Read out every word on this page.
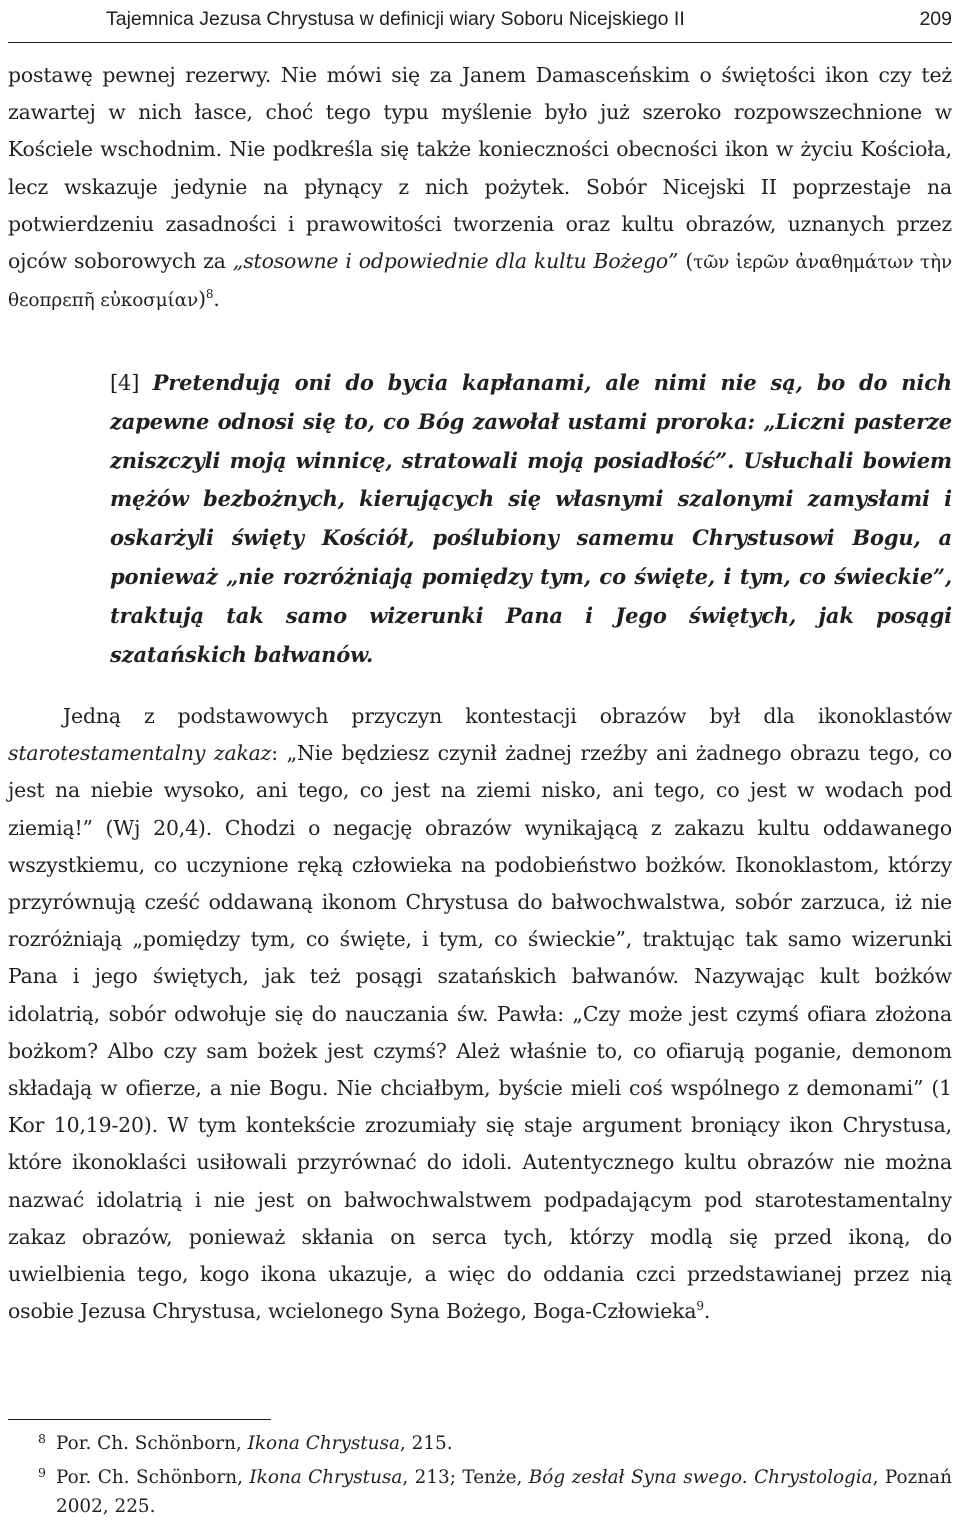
Tajemnica Jezusa Chrystusa w definicji wiary Soboru Nicejskiego II	209

postawę pewnej rezerwy. Nie mówi się za Janem Damasceńskim o świętości ikon czy też zawartej w nich łasce, choć tego typu myślenie było już szeroko rozpowszechnione w Kościele wschodnim. Nie podkreśla się także konieczności obecności ikon w życiu Kościoła, lecz wskazuje jedynie na płynący z nich pożytek. Sobór Nicejski II poprzestaje na potwierdzeniu zasadności i prawowitości tworzenia oraz kultu obrazów, uznanych przez ojców soborowych za „stosowne i odpowiednie dla kultu Bożego” (τῶν ἱερῶν ἀναθημάτων τὴν θεοπρεπῆ εὐκοσμίαν)$^8$.

[4] Pretendują oni do bycia kapłanami, ale nimi nie są, bo do nich zapewne odnosi się to, co Bóg zawołał ustami proroka: „Liczni pasterze zniszczyli moją winnicę, stratowali moją posiadłość”. Usłuchali bowiem mężów bezbożnych, kierujących się własnymi szalonymi zamysłami i oskarżyli święty Kościół, poślubiony samemu Chrystusowi Bogu, a ponieważ „nie rozróżniają pomiędzy tym, co święte, i tym, co świeckie”, traktują tak samo wizerunki Pana i Jego świętych, jak posągi szatańskich bałwanów.

Jedną z podstawowych przyczyn kontestacji obrazów był dla ikonoklastów starotestamentalny zakaz: „Nie będziesz czynił żadnej rzeźby ani żadnego obrazu tego, co jest na niebie wysoko, ani tego, co jest na ziemi nisko, ani tego, co jest w wodach pod ziemią!” (Wj 20,4). Chodzi o negację obrazów wynikającą z zakazu kultu oddawanego wszystkiemu, co uczynione ręką człowieka na podobieństwo bożków. Ikonoklastom, którzy przyrównują cześć oddawaną ikonom Chrystusa do bałwochwalstwa, sobór zarzuca, iż nie rozróżniają „pomiędzy tym, co święte, i tym, co świeckie”, traktując tak samo wizerunki Pana i jego świętych, jak też posągi szatańskich bałwanów. Nazywając kult bożków idolatrią, sobór odwołuje się do nauczania św. Pawła: „Czy może jest czymś ofiara złożona bożkom? Albo czy sam bożek jest czymś? Ależ właśnie to, co ofiarują poganie, demonom składają w ofierze, a nie Bogu. Nie chciałbym, byście mieli coś wspólnego z demonami” (1 Kor 10,19-20). W tym kontekście zrozumiały się staje argument broniący ikon Chrystusa, które ikonoklaści usiłowali przyrównać do idoli. Autentycznego kultu obrazów nie można nazwać idolatrią i nie jest on bałwochwalstwem podpadającym pod starotestamentalny zakaz obrazów, ponieważ skłania on serca tych, którzy modlą się przed ikoną, do uwielbienia tego, kogo ikona ukazuje, a więc do oddania czci przedstawianej przez nią osobie Jezusa Chrystusa, wcielonego Syna Bożego, Boga-Człowieka$^9$.

8 Por. Ch. Schönborn, Ikona Chrystusa, 215.
9 Por. Ch. Schönborn, Ikona Chrystusa, 213; Tenże, Bóg zesłał Syna swego. Chrystologia, Poznań 2002, 225.
